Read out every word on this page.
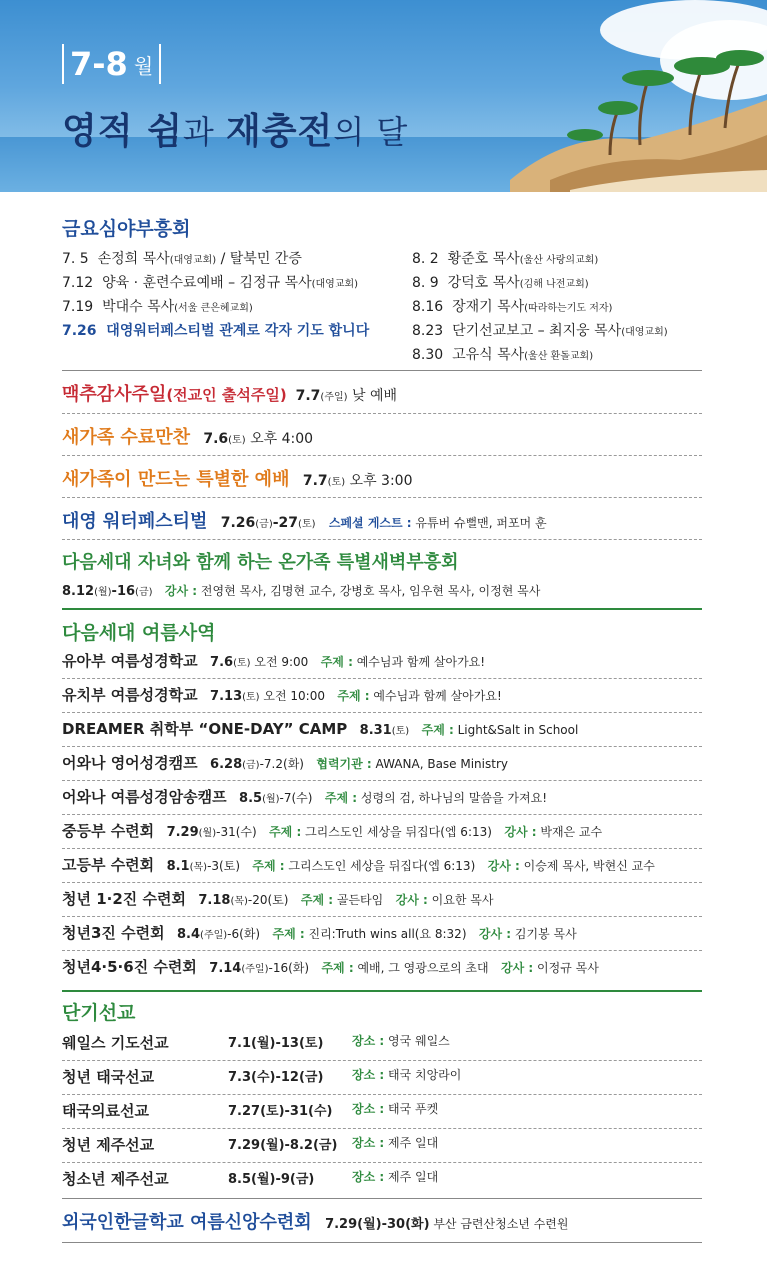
7-8 월
영적 쉼과 재충전의 달
금요심야부흥회
7. 5 손정희 목사(대영교회) / 탈북민 간증
7.12 양육 · 훈련수료예배 – 김정규 목사(대영교회)
7.19 박대수 목사(서울 큰은혜교회)
7.26 대영워터페스티벌 관계로 각자 기도 합니다
8. 2 황준호 목사(울산 사랑의교회)
8. 9 강덕호 목사(김해 나전교회)
8.16 장재기 목사(따라하는기도 저자)
8.23 단기선교보고 – 최지웅 목사(대영교회)
8.30 고유식 목사(울산 환돌교회)
맥추감사주일(전교인 출석주일) 7.7(주일) 낮 예배
새가족 수료만찬 7.6(토) 오후 4:00
새가족이 만드는 특별한 예배 7.7(토) 오후 3:00
대영 워터페스티벌 7.26(금)-27(토) 스페셜 게스트 : 유튜버 슈뻘맨, 퍼포머 훈
다음세대 자녀와 함께 하는 온가족 특별새벽부흥회
8.12(월)-16(금) 강사 : 전영현 목사, 김명현 교수, 강병호 목사, 임우현 목사, 이정현 목사
다음세대 여름사역
유아부 여름성경학교 7.6(토) 오전 9:00 주제 : 예수님과 함께 살아가요!
유치부 여름성경학교 7.13(토) 오전 10:00 주제 : 예수님과 함께 살아가요!
DREAMER 취학부 “ONE-DAY” CAMP 8.31(토) 주제 : Light&Salt in School
어와나 영어성경캠프 6.28(금)-7.2(화) 협력기관 : AWANA, Base Ministry
어와나 여름성경암송캠프 8.5(월)-7(수) 주제 : 성령의 검, 하나님의 말씀을 가져요!
중등부 수련회 7.29(월)-31(수) 주제 : 그리스도인 세상을 뒤집다(엡 6:13) 강사 : 박재은 교수
고등부 수련회 8.1(목)-3(토) 주제 : 그리스도인 세상을 뒤집다(엡 6:13) 강사 : 이승제 목사, 박현신 교수
청년 1·2진 수련회 7.18(목)-20(토) 주제 : 골든타임 강사 : 이요한 목사
청년3진 수련회 8.4(주일)-6(화) 주제 : 진리:Truth wins all(요 8:32) 강사 : 김기봉 목사
청년4·5·6진 수련회 7.14(주일)-16(화) 주제 : 예배, 그 영광으로의 초대 강사 : 이정규 목사
단기선교
웨일스 기도선교	7.1(월)-13(토) 장소 : 영국 웨일스
청년 태국선교	7.3(수)-12(금) 장소 : 태국 치앙라이
태국의료선교	7.27(토)-31(수) 장소 : 태국 푸켓
청년 제주선교	7.29(월)-8.2(금) 장소 : 제주 일대
청소년 제주선교	8.5(월)-9(금)	장소 : 제주 일대
외국인한글학교 여름신앙수련회 7.29(월)-30(화) 부산 금련산청소년 수련원
